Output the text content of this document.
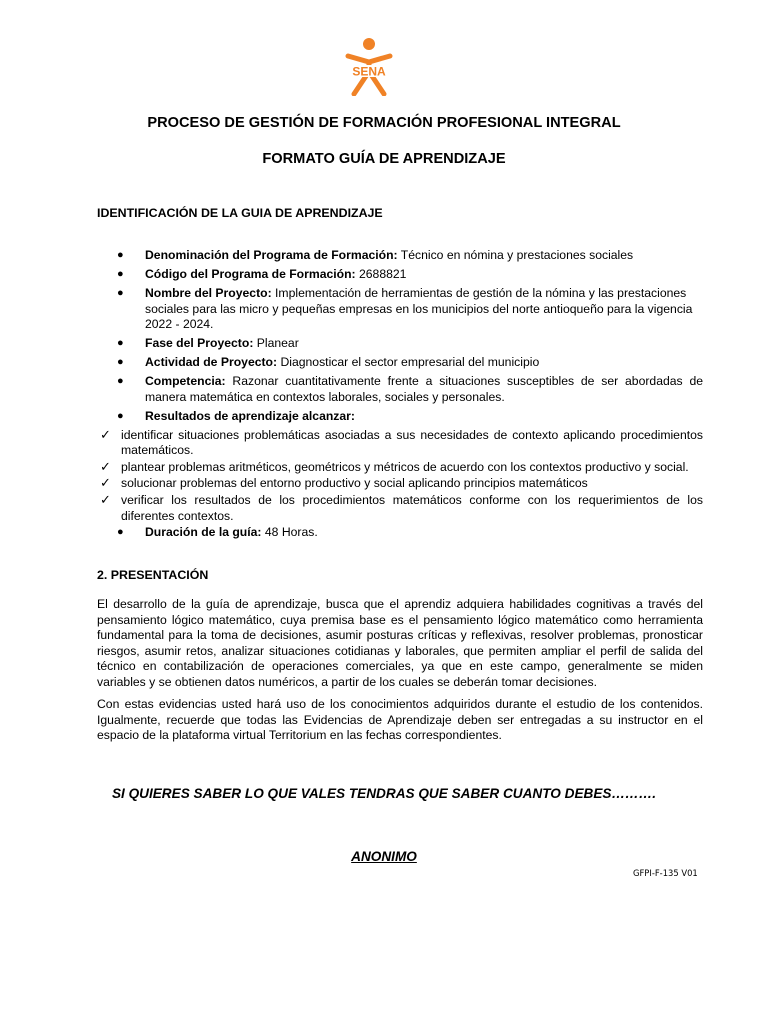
SENA
PROCESO DE GESTIÓN DE FORMACIÓN PROFESIONAL INTEGRAL
FORMATO GUÍA DE APRENDIZAJE
IDENTIFICACIÓN DE LA GUIA DE APRENDIZAJE
● Denominación del Programa de Formación: Técnico en nómina y prestaciones sociales
● Código del Programa de Formación: 2688821
● Nombre del Proyecto: Implementación de herramientas de gestión de la nómina y las prestaciones sociales para las micro y pequeñas empresas en los municipios del norte antioqueño para la vigencia 2022 - 2024.
● Fase del Proyecto: Planear
● Actividad de Proyecto: Diagnosticar el sector empresarial del municipio
● Competencia: Razonar cuantitativamente frente a situaciones susceptibles de ser abordadas de manera matemática en contextos laborales, sociales y personales.
● Resultados de aprendizaje alcanzar:
✓ identificar situaciones problemáticas asociadas a sus necesidades de contexto aplicando procedimientos matemáticos.
✓ plantear problemas aritméticos, geométricos y métricos de acuerdo con los contextos productivo y social.
✓ solucionar problemas del entorno productivo y social aplicando principios matemáticos
✓ verificar los resultados de los procedimientos matemáticos conforme con los requerimientos de los diferentes contextos.
● Duración de la guía: 48 Horas.
2. PRESENTACIÓN

El desarrollo de la guía de aprendizaje, busca que el aprendiz adquiera habilidades cognitivas a través del pensamiento lógico matemático, cuya premisa base es el pensamiento lógico matemático como herramienta fundamental para la toma de decisiones, asumir posturas críticas y reflexivas, resolver problemas, pronosticar riesgos, asumir retos, analizar situaciones cotidianas y laborales, que permiten ampliar el perfil de salida del técnico en contabilización de operaciones comerciales, ya que en este campo, generalmente se miden variables y se obtienen datos numéricos, a partir de los cuales se deberán tomar decisiones.

Con estas evidencias usted hará uso de los conocimientos adquiridos durante el estudio de los contenidos. Igualmente, recuerde que todas las Evidencias de Aprendizaje deben ser entregadas a su instructor en el espacio de la plataforma virtual Territorium en las fechas correspondientes.

SI QUIERES SABER LO QUE VALES TENDRAS QUE SABER CUANTO DEBES……….
ANONIMO
GFPI-F-135 V01
